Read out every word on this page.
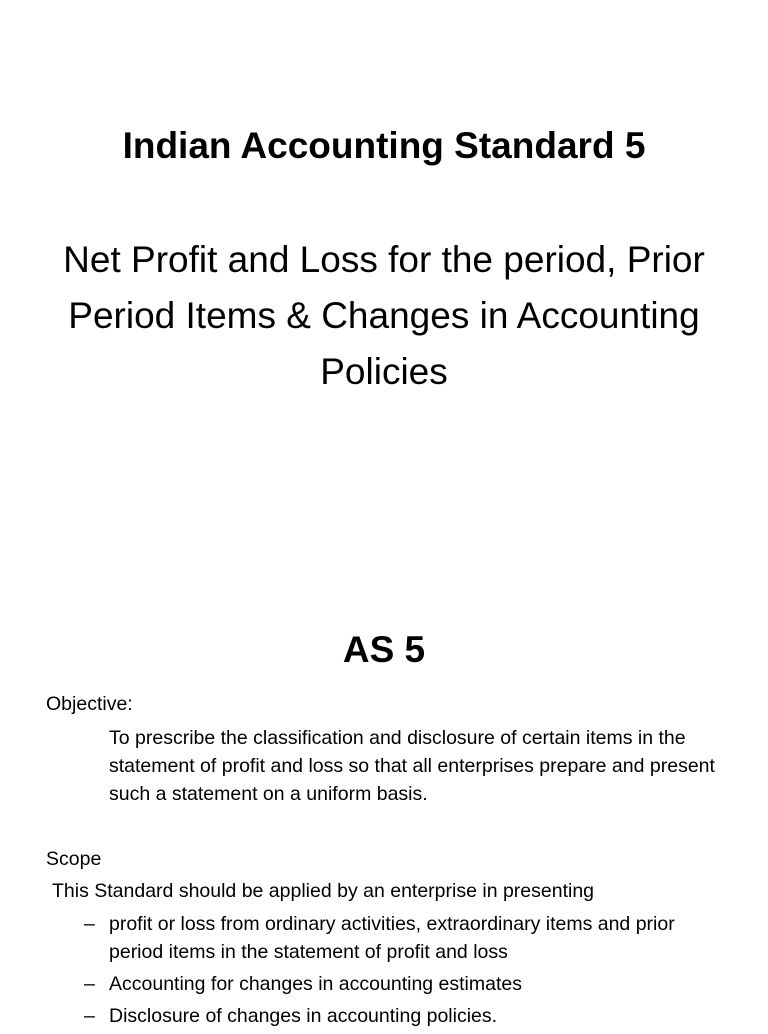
Indian Accounting Standard 5

Net Profit and Loss for the period, Prior Period Items & Changes in Accounting Policies

AS 5
Objective:
To prescribe the classification and disclosure of certain items in the statement of profit and loss so that all enterprises prepare and present such a statement on a uniform basis.
Scope
This Standard should be applied by an enterprise in presenting
– profit or loss from ordinary activities, extraordinary items and prior period items in the statement of profit and loss
– Accounting for changes in accounting estimates
– Disclosure of changes in accounting policies.
